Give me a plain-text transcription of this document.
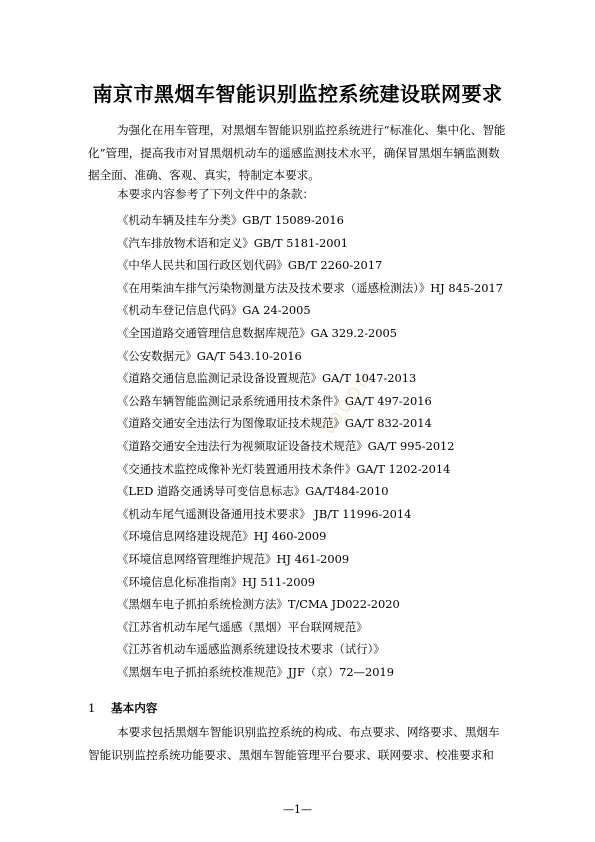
tooon
南京市黑烟车智能识别监控系统建设联网要求

为强化在用车管理，对黑烟车智能识别监控系统进行“标准化、集中化、智能化”管理，提高我市对冒黑烟机动车的遥感监测技术水平，确保冒黑烟车辆监测数据全面、准确、客观、真实，特制定本要求。

本要求内容参考了下列文件中的条款：
《机动车辆及挂车分类》GB/T 15089-2016
《汽车排放物术语和定义》GB/T 5181-2001
《中华人民共和国行政区划代码》GB/T 2260-2017
《在用柴油车排气污染物测量方法及技术要求（遥感检测法）》HJ 845-2017
《机动车登记信息代码》GA 24-2005
《全国道路交通管理信息数据库规范》GA 329.2-2005
《公安数据元》GA/T 543.10-2016
《道路交通信息监测记录设备设置规范》GA/T 1047-2013
《公路车辆智能监测记录系统通用技术条件》GA/T 497-2016
《道路交通安全违法行为图像取证技术规范》GA/T 832-2014
《道路交通安全违法行为视频取证设备技术规范》GA/T 995-2012
《交通技术监控成像补光灯装置通用技术条件》GA/T 1202-2014
《LED 道路交通诱导可变信息标志》GA/T484-2010
《机动车尾气遥测设备通用技术要求》 JB/T 11996-2014
《环境信息网络建设规范》HJ 460-2009
《环境信息网络管理维护规范》HJ 461-2009
《环境信息化标准指南》HJ 511-2009
《黑烟车电子抓拍系统检测方法》T/CMA JD022-2020
《江苏省机动车尾气遥感（黑烟）平台联网规范》
《江苏省机动车遥感监测系统建设技术要求（试行）》
《黑烟车电子抓拍系统校准规范》JJF（京）72—2019
1 基本内容

本要求包括黑烟车智能识别监控系统的构成、布点要求、网络要求、黑烟车智能识别监控系统功能要求、黑烟车智能管理平台要求、联网要求、校准要求和

—1—
